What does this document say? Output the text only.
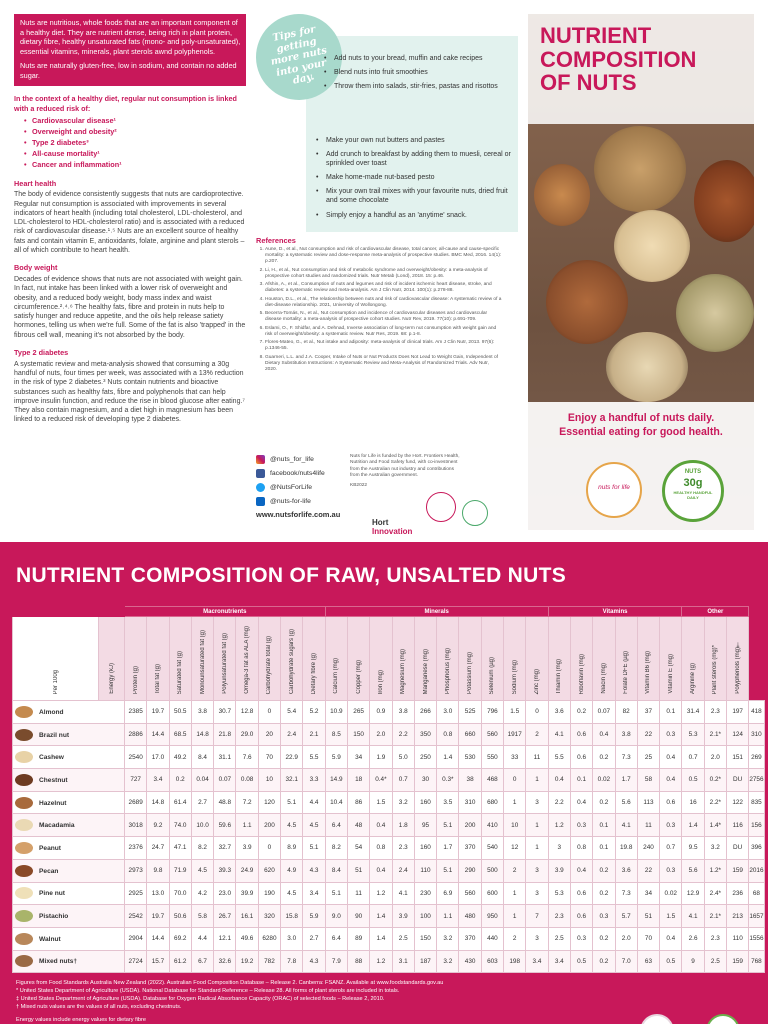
Nuts are nutritious, whole foods that are an important component of a healthy diet. They are nutrient dense, being rich in plant protein, dietary fibre, healthy unsaturated fats (mono- and poly-unsaturated), essential vitamins, minerals, plant sterols awnd polyphenols.

Nuts are naturally gluten-free, low in sodium, and contain no added sugar.

In the context of a healthy diet, regular nut consumption is linked with a reduced risk of:
• Cardiovascular disease¹
• Overweight and obesity²
• Type 2 diabetes³
• All-cause mortality¹
• Cancer and inflammation¹
Heart health

The body of evidence consistently suggests that nuts are cardioprotective. Regular nut consumption is associated with improvements in several indicators of heart health (including total cholesterol, LDL-cholesterol, and LDL-cholesterol to HDL-cholesterol ratio) and is associated with a reduced risk of cardiovascular disease.¹˒⁵ Nuts are an excellent source of healthy fats and contain vitamin E, antioxidants, folate, arginine and plant sterols – all of which contribute to heart health.

Body weight

Decades of evidence shows that nuts are not associated with weight gain. In fact, nut intake has been linked with a lower risk of overweight and obesity, and a reduced body weight, body mass index and waist circumference.²˒⁴˒⁶ The healthy fats, fibre and protein in nuts help to satisfy hunger and reduce appetite, and the oils help release satiety hormones, telling us when we're full. Some of the fat is also 'trapped' in the fibrous cell wall, meaning it's not absorbed by the body.

Type 2 diabetes

A systematic review and meta-analysis showed that consuming a 30g handful of nuts, four times per week, was associated with a 13% reduction in the risk of type 2 diabetes.³ Nuts contain nutrients and bioactive substances such as healthy fats, fibre and polyphenols that can help improve insulin function, and reduce the rise in blood glucose after eating.⁷ They also contain magnesium, and a diet high in magnesium has been linked to a reduced risk of developing type 2 diabetes.

Tips for getting more nuts into your day.
• Add nuts to your bread, muffin and cake recipes
• Blend nuts into fruit smoothies
• Throw them into salads, stir-fries, pastas and risottos
• Make your own nut butters and pastes
• Add crunch to breakfast by adding them to muesli, cereal or sprinkled over toast
• Make home-made nut-based pesto
• Mix your own trail mixes with your favourite nuts, dried fruit and some chocolate
• Simply enjoy a handful as an 'anytime' snack.
References
1. Aune, D., et al., Nut consumption and risk of cardiovascular disease, total cancer, all-cause and cause-specific mortality: a systematic review and dose-response meta-analysis of prospective studies. BMC Med, 2016. 14(1): p.207.
2. Li, H., et al., Nut consumption and risk of metabolic syndrome and overweight/obesity: a meta-analysis of prospective cohort studies and randomized trials. Nutr Metab (Lond), 2018. 15: p.46.
3. Afshin, A., et al., Consumption of nuts and legumes and risk of incident ischemic heart disease, stroke, and diabetes: a systematic review and meta-analysis. Am J Clin Nutr, 2014. 100(1): p.278-88.
4. Houston, D.L., et al., The relationship between nuts and risk of cardiovascular disease: A systematic review of a diet-disease relationship. 2021, University of Wollongong.
5. Becerra-Tomás, N., et al., Nut consumption and incidence of cardiovascular diseases and cardiovascular disease mortality: a meta-analysis of prospective cohort studies. Nutr Rev, 2019. 77(10): p.691-709.
6. Eslami, O., F. Shidfar, and A. Dehnad, Inverse association of long-term nut consumption with weight gain and risk of overweight/obesity: a systematic review. Nutr Res, 2019. 68: p.1-8.
7. Flores-Mateo, G., et al., Nut intake and adiposity: meta-analysis of clinical trials. Am J Clin Nutr, 2013. 97(6): p.1346-55.
8. Guarneri, L.L. and J.A. Cooper, Intake of Nuts or Nut Products Does Not Lead to Weight Gain, Independent of Dietary Substitution Instructions: A Systematic Review and Meta-Analysis of Randomized Trials. Adv Nutr, 2020.
@nuts_for_life
facebook/nuts4life
@NutsForLife
@nuts-for-life
www.nutsforlife.com.au

Nuts for Life is funded by the Hort. Frontiers Health, Nutrition and Food Safety fund, with co-investment from the Australian nut industry and contributions from the Australian government.

KB2022

Hort
Innovation
NUTRIENT
COMPOSITION
OF NUTS

Enjoy a handful of nuts daily. Essential eating for good health.

nuts for life
NUTS
30g
HEALTHY HANDFUL DAILY
NUTRIENT COMPOSITION OF RAW, UNSALTED NUTS
		Macronutrients									Minerals										Vitamins						Other			
Per 100g	Energy (kJ)	Protein (g)	Total fat (g)	Saturated fat (g)	Monounsaturated fat (g)	Polyunsaturated fat (g)	Omega-3 fat as ALA (mg)	Carbohydrate total (g)	Carbohydrate sugars (g)	Dietary fibre (g)	Calcium (mg)	Copper (mg)	Iron (mg)	Magnesium (mg)	Manganese (mg)	Phosphorus (mg)	Potassium (mg)	Selenium (µg)	Sodium (mg)	Zinc (mg)	Thiamin (mg)	Riboflavin (mg)	Niacin (mg)	Folate DFE (µg)	Vitamin B6 (mg)	Vitamin E (mg)	Arginine (g)	Plant sterols (mg)*	Polyphenols (mg)†	
Almond		2385	19.7	50.5	3.8	30.7	12.8	0	5.4	5.2	10.9	265	0.9	3.8	266	3.0	525	796	1.5	0	3.6	0.2	0.07	82	37	0.1	31.4	2.3	197	418
Brazil nut		2886	14.4	68.5	14.8	21.8	29.0	20	2.4	2.1	8.5	150	2.0	2.2	350	0.8	660	560	1917	2	4.1	0.6	0.4	3.8	22	0.3	5.3	2.1*	124	310
Cashew		2540	17.0	49.2	8.4	31.1	7.6	70	22.9	5.5	5.9	34	1.9	5.0	250	1.4	530	550	33	11	5.5	0.6	0.2	7.3	25	0.4	0.7	2.0	151	269
Chestnut		727	3.4	0.2	0.04	0.07	0.08	10	32.1	3.3	14.9	18	0.4*	0.7	30	0.3*	38	468	0	1	0.4	0.1	0.02	1.7	58	0.4	0.5	0.2*	DU	2756
Hazelnut		2689	14.8	61.4	2.7	48.8	7.2	120	5.1	4.4	10.4	86	1.5	3.2	160	3.5	310	680	1	3	2.2	0.4	0.2	5.6	113	0.6	16	2.2*	122	835
Macadamia		3018	9.2	74.0	10.0	59.6	1.1	200	4.5	4.5	6.4	48	0.4	1.8	95	5.1	200	410	10	1	1.2	0.3	0.1	4.1	11	0.3	1.4	1.4*	116	156
Peanut		2376	24.7	47.1	8.2	32.7	3.9	0	8.9	5.1	8.2	54	0.8	2.3	160	1.7	370	540	12	1	3	0.8	0.1	19.8	240	0.7	9.5	3.2	DU	396
Pecan		2973	9.8	71.9	4.5	39.3	24.9	620	4.9	4.3	8.4	51	0.4	2.4	110	5.1	290	500	2	3	3.9	0.4	0.2	3.6	22	0.3	5.6	1.2*	159	2016
Pine nut		2925	13.0	70.0	4.2	23.0	39.9	190	4.5	3.4	5.1	11	1.2	4.1	230	6.9	560	600	1	3	5.3	0.6	0.2	7.3	34	0.02	12.9	2.4*	236	68
Pistachio		2542	19.7	50.6	5.8	26.7	16.1	320	15.8	5.9	9.0	90	1.4	3.9	100	1.1	480	950	1	7	2.3	0.6	0.3	5.7	51	1.5	4.1	2.1*	213	1657
Walnut		2904	14.4	69.2	4.4	12.1	49.6	6280	3.0	2.7	6.4	89	1.4	2.5	150	3.2	370	440	2	3	2.5	0.3	0.2	2.0	70	0.4	2.6	2.3	110	1556
Mixed nuts†		2724	15.7	61.2	6.7	32.6	19.2	782	7.8	4.3	7.9	88	1.2	3.1	187	3.2	430	603	198	3.4	3.4	0.5	0.2	7.0	63	0.5	9	2.5	159	768
Figures from Food Standards Australia New Zealand (2022). Australian Food Composition Database – Release 2. Canberra: FSANZ. Available at www.foodstandards.gov.au
* United States Department of Agriculture (USDA). National Database for Standard Reference – Release 28. All forms of plant sterols are included in totals.
‡ United States Department of Agriculture (USDA). Database for Oxygen Radical Absorbance Capacity (ORAC) of selected foods – Release 2, 2010.
† Mixed nuts values are the values of all nuts, excluding chestnuts.
Energy values include energy values for dietary fibre
